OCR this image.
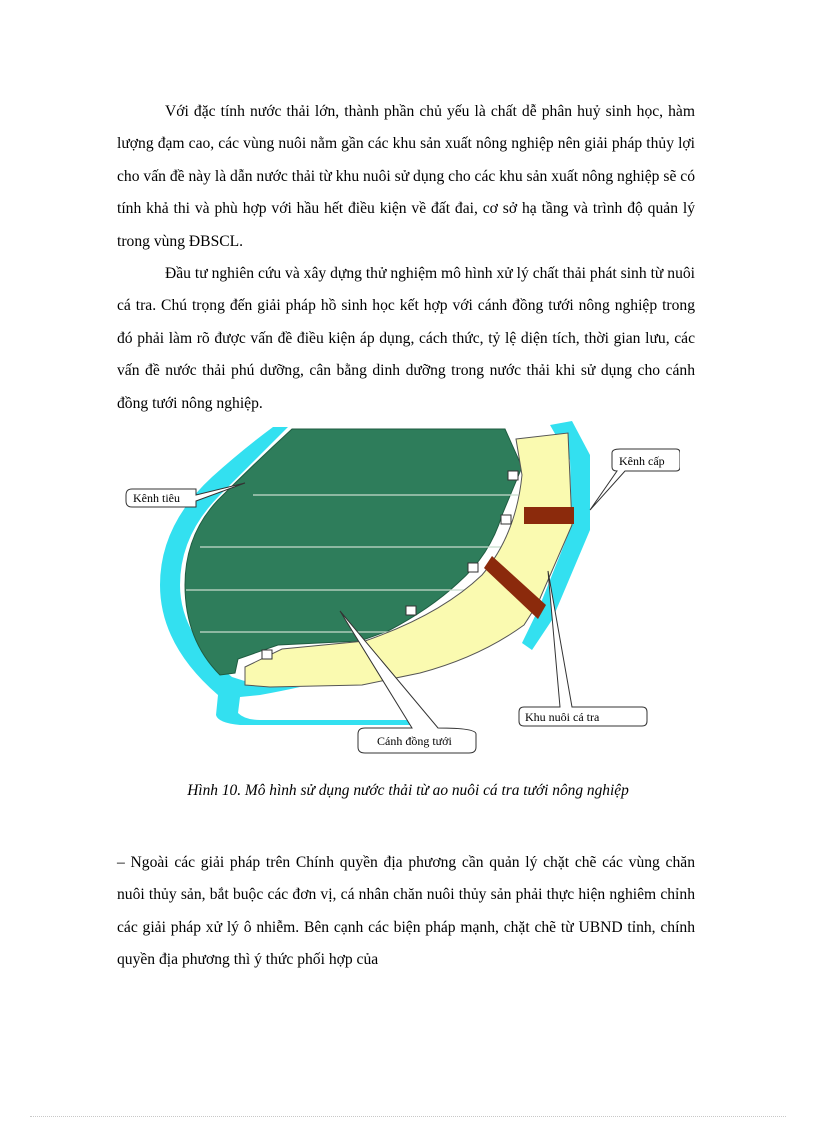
Với đặc tính nước thải lớn, thành phần chủ yếu là chất dễ phân huỷ sinh học, hàm lượng đạm cao, các vùng nuôi nằm gần các khu sản xuất nông nghiệp nên giải pháp thủy lợi cho vấn đề này là dẫn nước thải từ khu nuôi sử dụng cho các khu sản xuất nông nghiệp sẽ có tính khả thi và phù hợp với hầu hết điều kiện về đất đai, cơ sở hạ tầng và trình độ quản lý trong vùng ĐBSCL.

Đầu tư nghiên cứu và xây dựng thử nghiệm mô hình xử lý chất thải phát sinh từ nuôi cá tra. Chú trọng đến giải pháp hồ sinh học kết hợp với cánh đồng tưới nông nghiệp trong đó phải làm rõ được vấn đề điều kiện áp dụng, cách thức, tỷ lệ diện tích, thời gian lưu, các vấn đề nước thải phú dưỡng, cân bằng dinh dưỡng trong nước thải khi sử dụng cho cánh đồng tưới nông nghiệp.

Kênh tiêu
Kênh cấp
Khu nuôi cá tra
Cánh đồng tưới
Hình 10. Mô hình sử dụng nước thải từ ao nuôi cá tra tưới nông nghiệp

– Ngoài các giải pháp trên Chính quyền địa phương cần quản lý chặt chẽ các vùng chăn nuôi thủy sản, bắt buộc các đơn vị, cá nhân chăn nuôi thủy sản phải thực hiện nghiêm chỉnh các giải pháp xử lý ô nhiễm. Bên cạnh các biện pháp mạnh, chặt chẽ từ UBND tỉnh, chính quyền địa phương thì ý thức phối hợp của
